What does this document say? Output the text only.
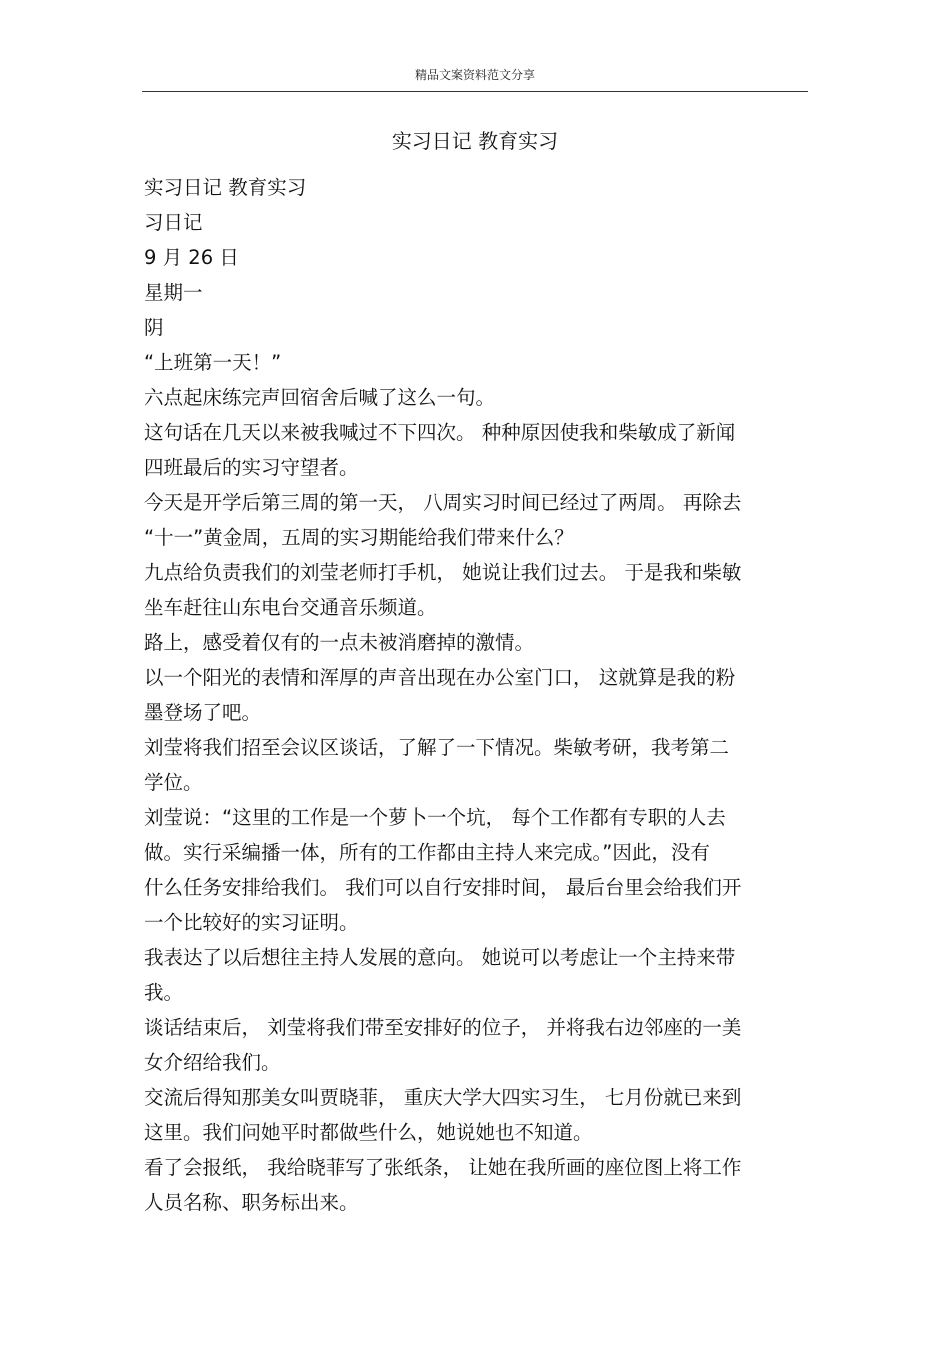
精品文案资料范文分享
实习日记 教育实习

实习日记 教育实习

习日记

9 月 26 日

星期一

阴

“上班第一天！”

六点起床练完声回宿舍后喊了这么一句。

这句话在几天以来被我喊过不下四次。 种种原因使我和柴敏成了新闻

四班最后的实习守望者。

今天是开学后第三周的第一天， 八周实习时间已经过了两周。 再除去

“十一”黄金周，五周的实习期能给我们带来什么？

九点给负责我们的刘莹老师打手机， 她说让我们过去。 于是我和柴敏

坐车赶往山东电台交通音乐频道。

路上，感受着仅有的一点未被消磨掉的激情。

以一个阳光的表情和浑厚的声音出现在办公室门口， 这就算是我的粉

墨登场了吧。

刘莹将我们招至会议区谈话，了解了一下情况。柴敏考研，我考第二

学位。

刘莹说：“这里的工作是一个萝卜一个坑， 每个工作都有专职的人去

做。实行采编播一体，所有的工作都由主持人来完成。”因此，没有

什么任务安排给我们。 我们可以自行安排时间， 最后台里会给我们开

一个比较好的实习证明。

我表达了以后想往主持人发展的意向。 她说可以考虑让一个主持来带

我。

谈话结束后， 刘莹将我们带至安排好的位子， 并将我右边邻座的一美

女介绍给我们。

交流后得知那美女叫贾晓菲， 重庆大学大四实习生， 七月份就已来到

这里。我们问她平时都做些什么，她说她也不知道。

看了会报纸， 我给晓菲写了张纸条， 让她在我所画的座位图上将工作

人员名称、职务标出来。
